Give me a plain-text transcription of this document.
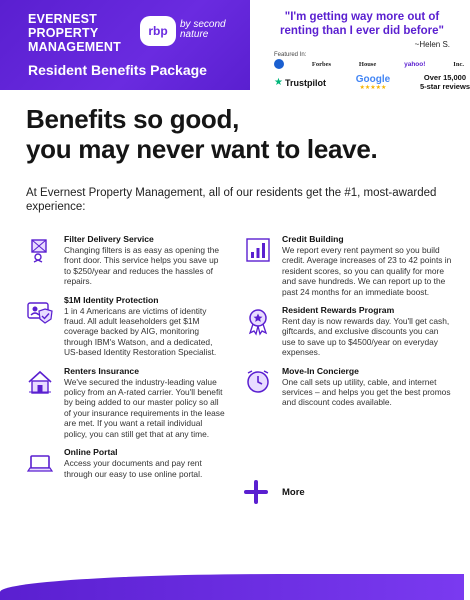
EVERNEST
PROPERTY
MANAGEMENT
rbp by second
nature
Resident Benefits Package
"I'm getting way more out of renting than I ever did before"
~Helen S.
Featured In:
Forbes	House	yahoo!	Inc.
★ Trustpilot	Google
★★★★★
Over 15,000
5-star reviews
Benefits so good,
you may never want to leave.
At Evernest Property Management, all of our residents get the #1, most-awarded experience:
Filter Delivery Service
Changing filters is as easy as opening the front door. This service helps you save up to $250/year and reduces the hassles of repairs.
$1M Identity Protection
1 in 4 Americans are victims of identity fraud. All adult leaseholders get $1M coverage backed by AIG, monitoring through IBM's Watson, and a dedicated, US-based Identity Restoration Specialist.
Renters Insurance
We've secured the industry-leading value policy from an A-rated carrier. You'll benefit by being added to our master policy so all of your insurance requirements in the lease are met. If you want a retail individual policy, you can still get that at any time.
Online Portal
Access your documents and pay rent through our easy to use online portal.
Credit Building
We report every rent payment so you build credit. Average increases of 23 to 42 points in resident scores, so you can qualify for more and save hundreds. We can report up to the past 24 months for an immediate boost.
Resident Rewards Program
Rent day is now rewards day. You'll get cash, giftcards, and exclusive discounts you can use to save up to $4500/year on everyday expenses.
Move-In Concierge
One call sets up utility, cable, and internet services – and helps you get the best promos and discount codes available.
More
